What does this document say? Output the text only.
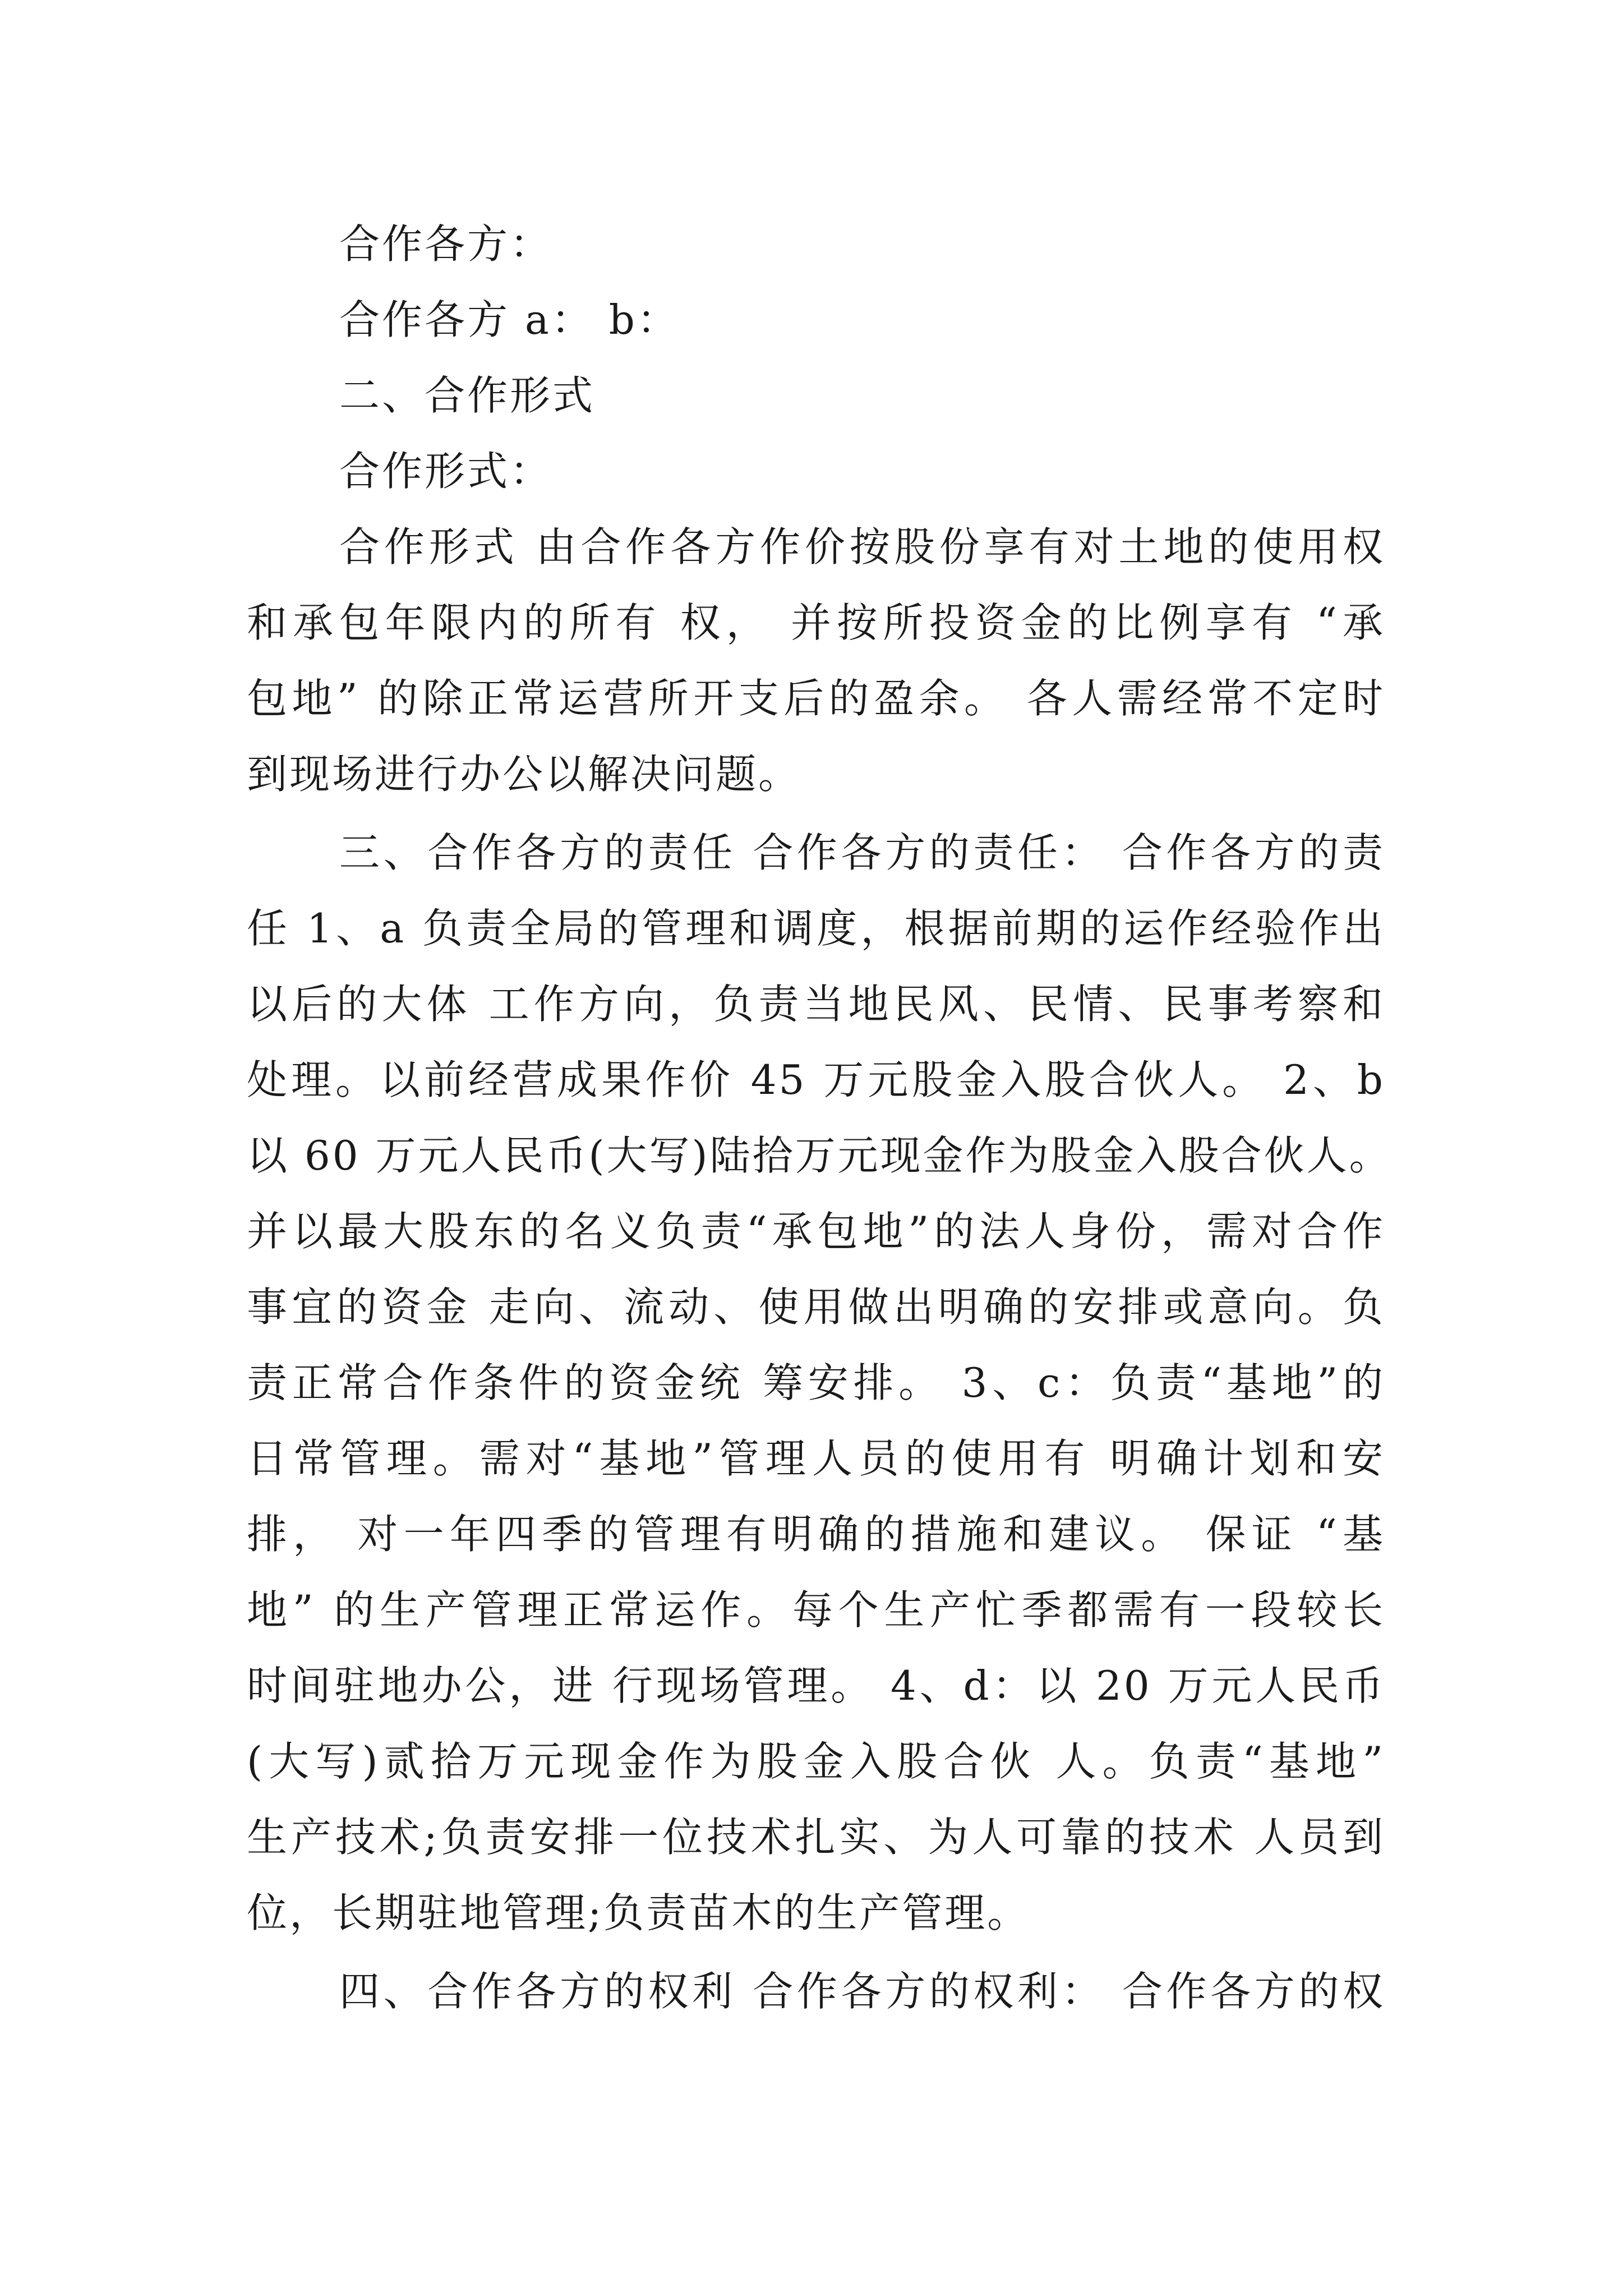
合作各方：
合作各方 a： b：
二、合作形式
合作形式：
合作形式 由合作各方作价按股份享有对土地的使用权
和承包年限内的所有 权， 并按所投资金的比例享有 “承
包地” 的除正常运营所开支后的盈余。 各人需经常不定时
到现场进行办公以解决问题。
三、合作各方的责任 合作各方的责任： 合作各方的责
任 1、a 负责全局的管理和调度，根据前期的运作经验作出
以后的大体 工作方向，负责当地民风、民情、民事考察和
处理。以前经营成果作价 45 万元股金入股合伙人。 2、b
以 60 万元人民币(大写)陆拾万元现金作为股金入股合伙人。
并以最大股东的名义负责“承包地”的法人身份，需对合作
事宜的资金 走向、流动、使用做出明确的安排或意向。负
责正常合作条件的资金统 筹安排。 3、c：负责“基地”的
日常管理。需对“基地”管理人员的使用有 明确计划和安
排， 对一年四季的管理有明确的措施和建议。 保证 “基
地” 的生产管理正常运作。每个生产忙季都需有一段较长
时间驻地办公，进 行现场管理。 4、d：以 20 万元人民币
(大写)贰拾万元现金作为股金入股合伙 人。负责“基地”
生产技术;负责安排一位技术扎实、为人可靠的技术 人员到
位，长期驻地管理;负责苗木的生产管理。
四、合作各方的权利 合作各方的权利： 合作各方的权
